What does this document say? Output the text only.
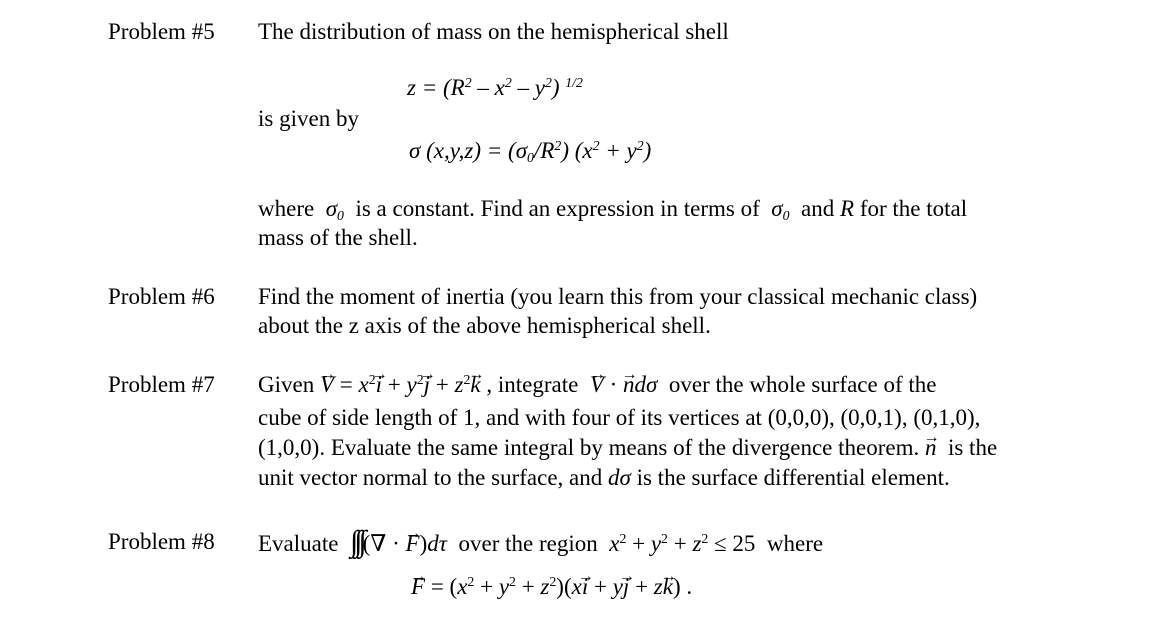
Problem #5 The distribution of mass on the hemispherical shell
$z = (R^2 - x^2 - y^2)$ $^{1/2}$
is given by
σ $(x,y,z) = (\sigma_0/R^2) (x^2 + y^2)$
where  $\sigma_0$  is a constant. Find an expression in terms of  $\sigma_0$  and R for the total
mass of the shell.
Problem #6 Find the moment of inertia (you learn this from your classical mechanic class)
about the z axis of the above hemispherical shell.
Problem #7 Given → $V = x^2\to i + y^2\to j + z^2\to k$ , integrate  → V · → ndσ  over the whole surface of the
cube of side length of 1, and with four of its vertices at (0,0,0), (0,0,1), (0,1,0),
(1,0,0). Evaluate the same integral by means of the divergence theorem. → n  is the
unit vector normal to the surface, and dσ is the surface differential element.
Problem #8 Evaluate  ∫∫∫(∇ · → F)dτ  over the region  $x^2 + y^2 + z^2 \le 25$  where
→ $F = (x^2 + y^2 + z^2)(x\to i + y\to j + z\to k)$ .
